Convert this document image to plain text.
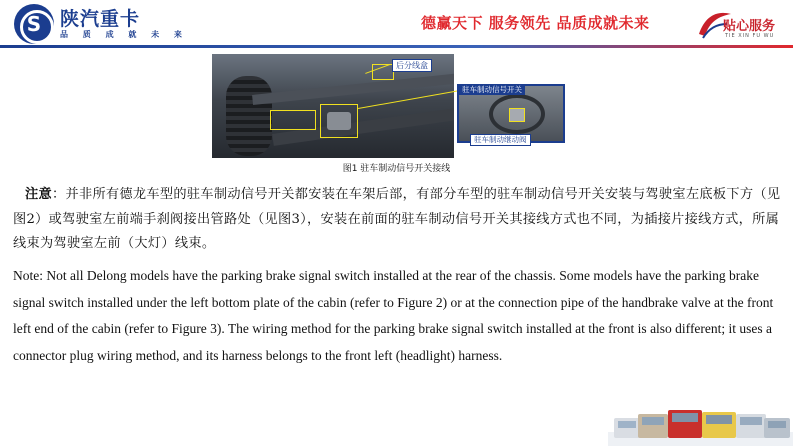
S
陕汽重卡
品 质 成 就 未 来
德赢天下 服务领先 品质成就未来	贴心服务
TIE XIN FU WU
后分线盒
驻车制动信号开关
驻车制动继动阀
图1 驻车制动信号开关接线

注意：并非所有德龙车型的驻车制动信号开关都安装在车架后部，有部分车型的驻车制动信号开关安装与驾驶室左底板下方（见图2）或驾驶室左前端手刹阀接出管路处（见图3），安装在前面的驻车制动信号开关其接线方式也不同，为插接片接线方式，所属线束为驾驶室左前（大灯）线束。

Note: Not all Delong models have the parking brake signal switch installed at the rear of the chassis. Some models have the parking brake signal switch installed under the left bottom plate of the cabin (refer to Figure 2) or at the connection pipe of the handbrake valve at the front left end of the cabin (refer to Figure 3). The wiring method for the parking brake signal switch installed at the front is also different; it uses a connector plug wiring method, and its harness belongs to the front left (headlight) harness.
